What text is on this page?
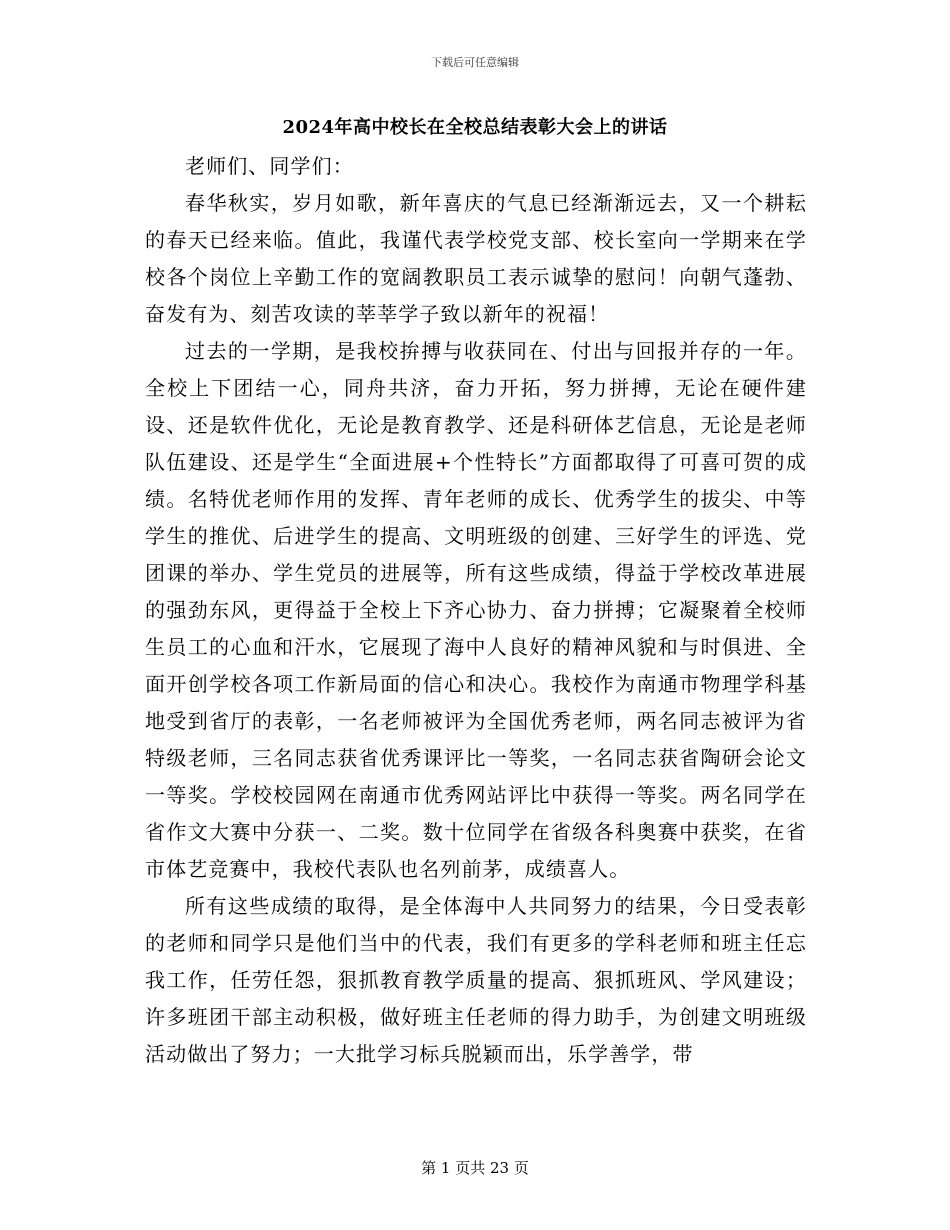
下载后可任意编辑
2024年高中校长在全校总结表彰大会上的讲话

老师们、同学们：

春华秋实，岁月如歌，新年喜庆的气息已经渐渐远去，又一个耕耘的春天已经来临。值此，我谨代表学校党支部、校长室向一学期来在学校各个岗位上辛勤工作的宽阔教职员工表示诚挚的慰问！向朝气蓬勃、奋发有为、刻苦攻读的莘莘学子致以新年的祝福！

过去的一学期，是我校拚搏与收获同在、付出与回报并存的一年。全校上下团结一心，同舟共济，奋力开拓，努力拼搏，无论在硬件建设、还是软件优化，无论是教育教学、还是科研体艺信息，无论是老师队伍建设、还是学生“全面进展+个性特长”方面都取得了可喜可贺的成绩。名特优老师作用的发挥、青年老师的成长、优秀学生的拔尖、中等学生的推优、后进学生的提高、文明班级的创建、三好学生的评选、党团课的举办、学生党员的进展等，所有这些成绩，得益于学校改革进展的强劲东风，更得益于全校上下齐心协力、奋力拼搏；它凝聚着全校师生员工的心血和汗水，它展现了海中人良好的精神风貌和与时俱进、全面开创学校各项工作新局面的信心和决心。我校作为南通市物理学科基地受到省厅的表彰，一名老师被评为全国优秀老师，两名同志被评为省特级老师，三名同志获省优秀课评比一等奖，一名同志获省陶研会论文一等奖。学校校园网在南通市优秀网站评比中获得一等奖。两名同学在省作文大赛中分获一、二奖。数十位同学在省级各科奥赛中获奖，在省市体艺竞赛中，我校代表队也名列前茅，成绩喜人。

所有这些成绩的取得，是全体海中人共同努力的结果，今日受表彰的老师和同学只是他们当中的代表，我们有更多的学科老师和班主任忘我工作，任劳任怨，狠抓教育教学质量的提高、狠抓班风、学风建设；许多班团干部主动积极，做好班主任老师的得力助手，为创建文明班级活动做出了努力；一大批学习标兵脱颖而出，乐学善学，带

第 1 页共 23 页
